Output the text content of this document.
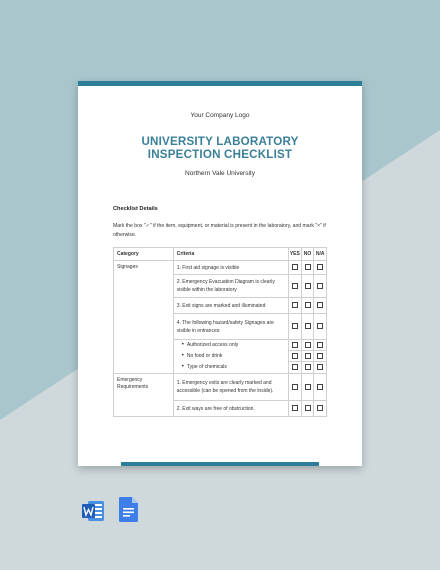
Your Company Logo
UNIVERSITY LABORATORY
INSPECTION CHECKLIST
Northern Vale University
Checklist Details
Mark the box "✓" if the item, equipment, or material is present in the laboratory, and mark "×" if otherwise.
Category	Criteria	YES	NO	N/A
Signages	1. First aid signage is visible			
	2. Emergency Evacuation Diagram is clearly visible within the laboratory			
	3. Exit signs are marked and illuminated			
	4. The following hazard/safety Signages are visible in entrances:			
	• Authorized access only			
	• No food or drink			
	• Type of chemicals			
Emergency Requirements	1. Emergency exits are clearly marked and accessible (can be opened from the inside).			
	2. Exit ways are free of obstruction.			
